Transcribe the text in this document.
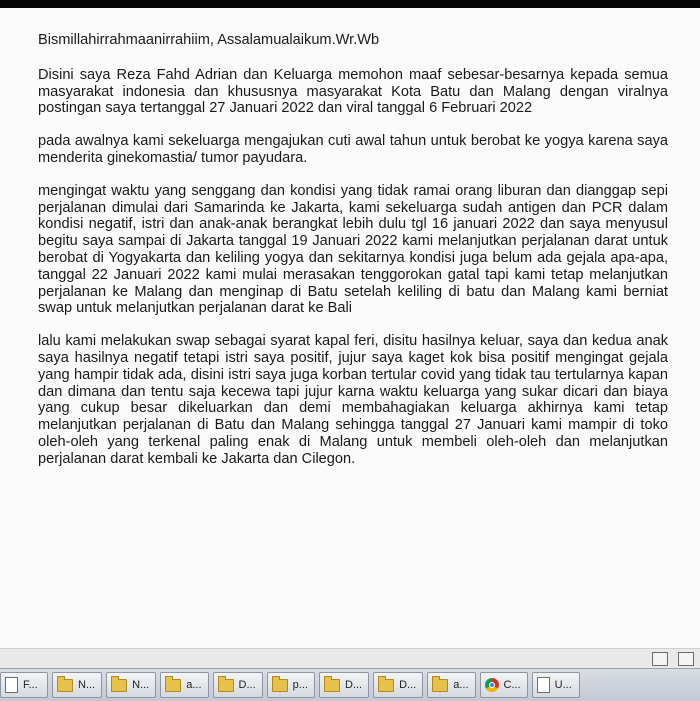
Bismillahirrahmaanirrahiim, Assalamualaikum.Wr.Wb

Disini saya Reza Fahd Adrian dan Keluarga memohon maaf sebesar-besarnya kepada semua masyarakat indonesia dan khususnya masyarakat Kota Batu dan Malang dengan viralnya postingan saya tertanggal 27 Januari 2022 dan viral tanggal 6 Februari 2022

pada awalnya kami sekeluarga mengajukan cuti awal tahun untuk berobat ke yogya karena saya menderita ginekomastia/ tumor payudara.

mengingat waktu yang senggang dan kondisi yang tidak ramai orang liburan dan dianggap sepi perjalanan dimulai dari Samarinda ke Jakarta, kami sekeluarga sudah antigen dan PCR dalam kondisi negatif, istri dan anak-anak berangkat lebih dulu tgl 16 januari 2022 dan saya menyusul begitu saya sampai di Jakarta tanggal 19 Januari 2022 kami melanjutkan perjalanan darat untuk berobat di Yogyakarta dan keliling yogya dan sekitarnya kondisi juga belum ada gejala apa-apa, tanggal 22 Januari 2022 kami mulai merasakan tenggorokan gatal tapi kami tetap melanjutkan perjalanan ke Malang dan menginap di Batu setelah keliling di batu dan Malang kami berniat swap untuk melanjutkan perjalanan darat ke Bali

lalu kami melakukan swap sebagai syarat kapal feri, disitu hasilnya keluar, saya dan kedua anak saya hasilnya negatif tetapi istri saya positif, jujur saya kaget kok bisa positif mengingat gejala yang hampir tidak ada, disini istri saya juga korban tertular covid yang tidak tau tertularnya kapan dan dimana dan tentu saja kecewa tapi jujur karna waktu keluarga yang sukar dicari dan biaya yang cukup besar dikeluarkan dan demi membahagiakan keluarga akhirnya kami tetap melanjutkan perjalanan di Batu dan Malang sehingga tanggal 27 Januari kami mampir di toko oleh-oleh yang terkenal paling enak di Malang untuk membeli oleh-oleh dan melanjutkan perjalanan darat kembali ke Jakarta dan Cilegon.

F...	N...	N...	a...	D...	p...	D...	D...	a...	C...	U...
